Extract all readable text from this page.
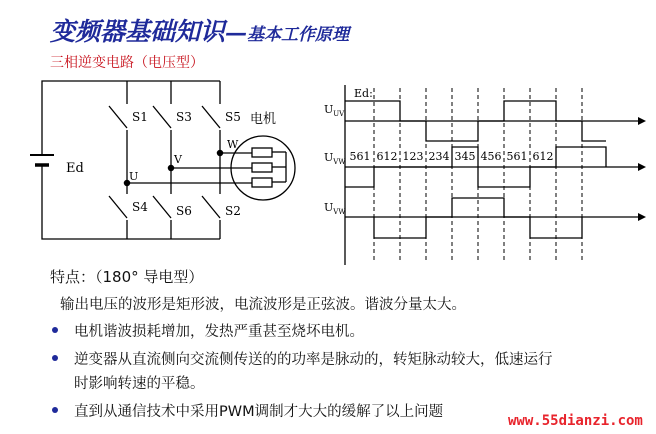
变频器基础知识—基本工作原理
三相逆变电路（电压型）
Ed
S1 S3	S5
S4 S6	S2
U
V
W
电机
Ed:
$U_{UV}$
$U_{VW}$
$U_{VW}$
561 612 123 234 345 456 561 612
特点：（180° 导电型）
输出电压的波形是矩形波，电流波形是正弦波。谐波分量太大。
电机谐波损耗增加，发热严重甚至烧坏电机。
逆变器从直流侧向交流侧传送的的功率是脉动的，转矩脉动较大，低速运行
时影响转速的平稳。
直到从通信技术中采用PWM调制才大大的缓解了以上问题
www.55dianzi.com
